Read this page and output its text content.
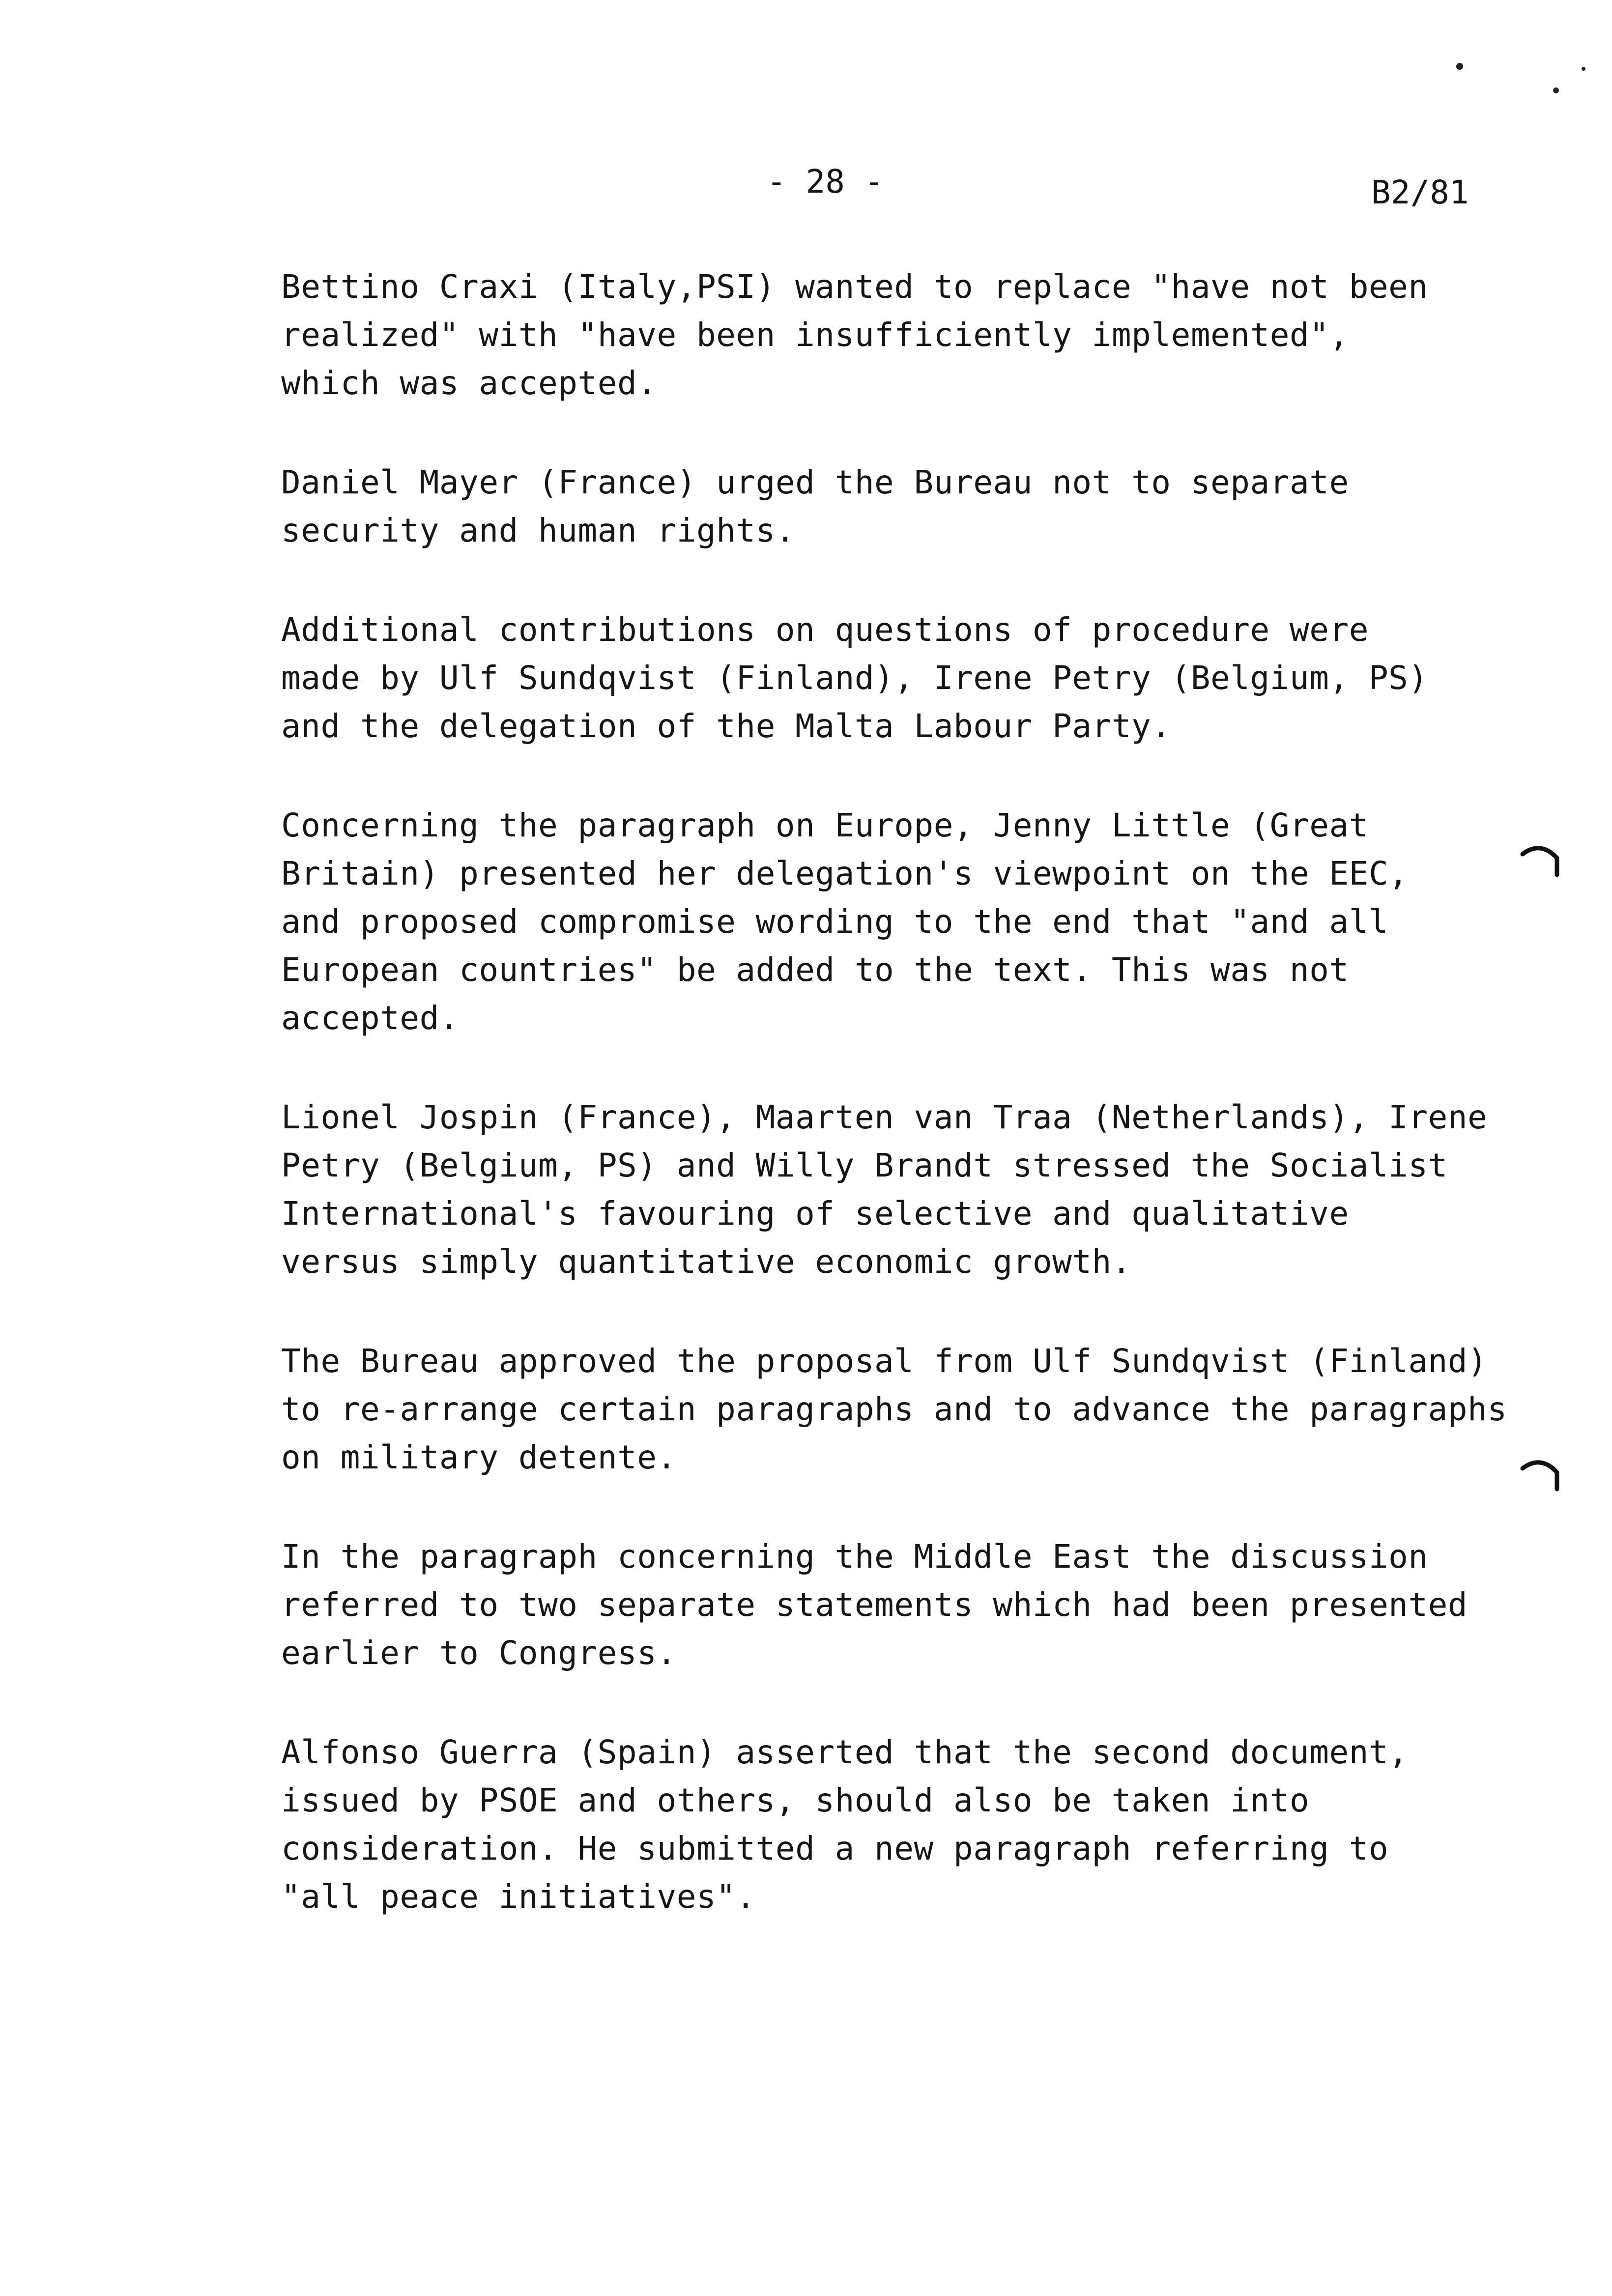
- 28 -	B2/81

Bettino Craxi (Italy,PSI) wanted to replace "have not been
realized" with "have been insufficiently implemented",
which was accepted.

Daniel Mayer (France) urged the Bureau not to separate
security and human rights.

Additional contributions on questions of procedure were
made by Ulf Sundqvist (Finland), Irene Petry (Belgium, PS)
and the delegation of the Malta Labour Party.

Concerning the paragraph on Europe, Jenny Little (Great
Britain) presented her delegation's viewpoint on the EEC,
and proposed compromise wording to the end that "and all
European countries" be added to the text. This was not
accepted.

Lionel Jospin (France), Maarten van Traa (Netherlands), Irene
Petry (Belgium, PS) and Willy Brandt stressed the Socialist
International's favouring of selective and qualitative
versus simply quantitative economic growth.

The Bureau approved the proposal from Ulf Sundqvist (Finland)
to re-arrange certain paragraphs and to advance the paragraphs
on military detente.

In the paragraph concerning the Middle East the discussion
referred to two separate statements which had been presented
earlier to Congress.

Alfonso Guerra (Spain) asserted that the second document,
issued by PSOE and others, should also be taken into
consideration. He submitted a new paragraph referring to
"all peace initiatives".
